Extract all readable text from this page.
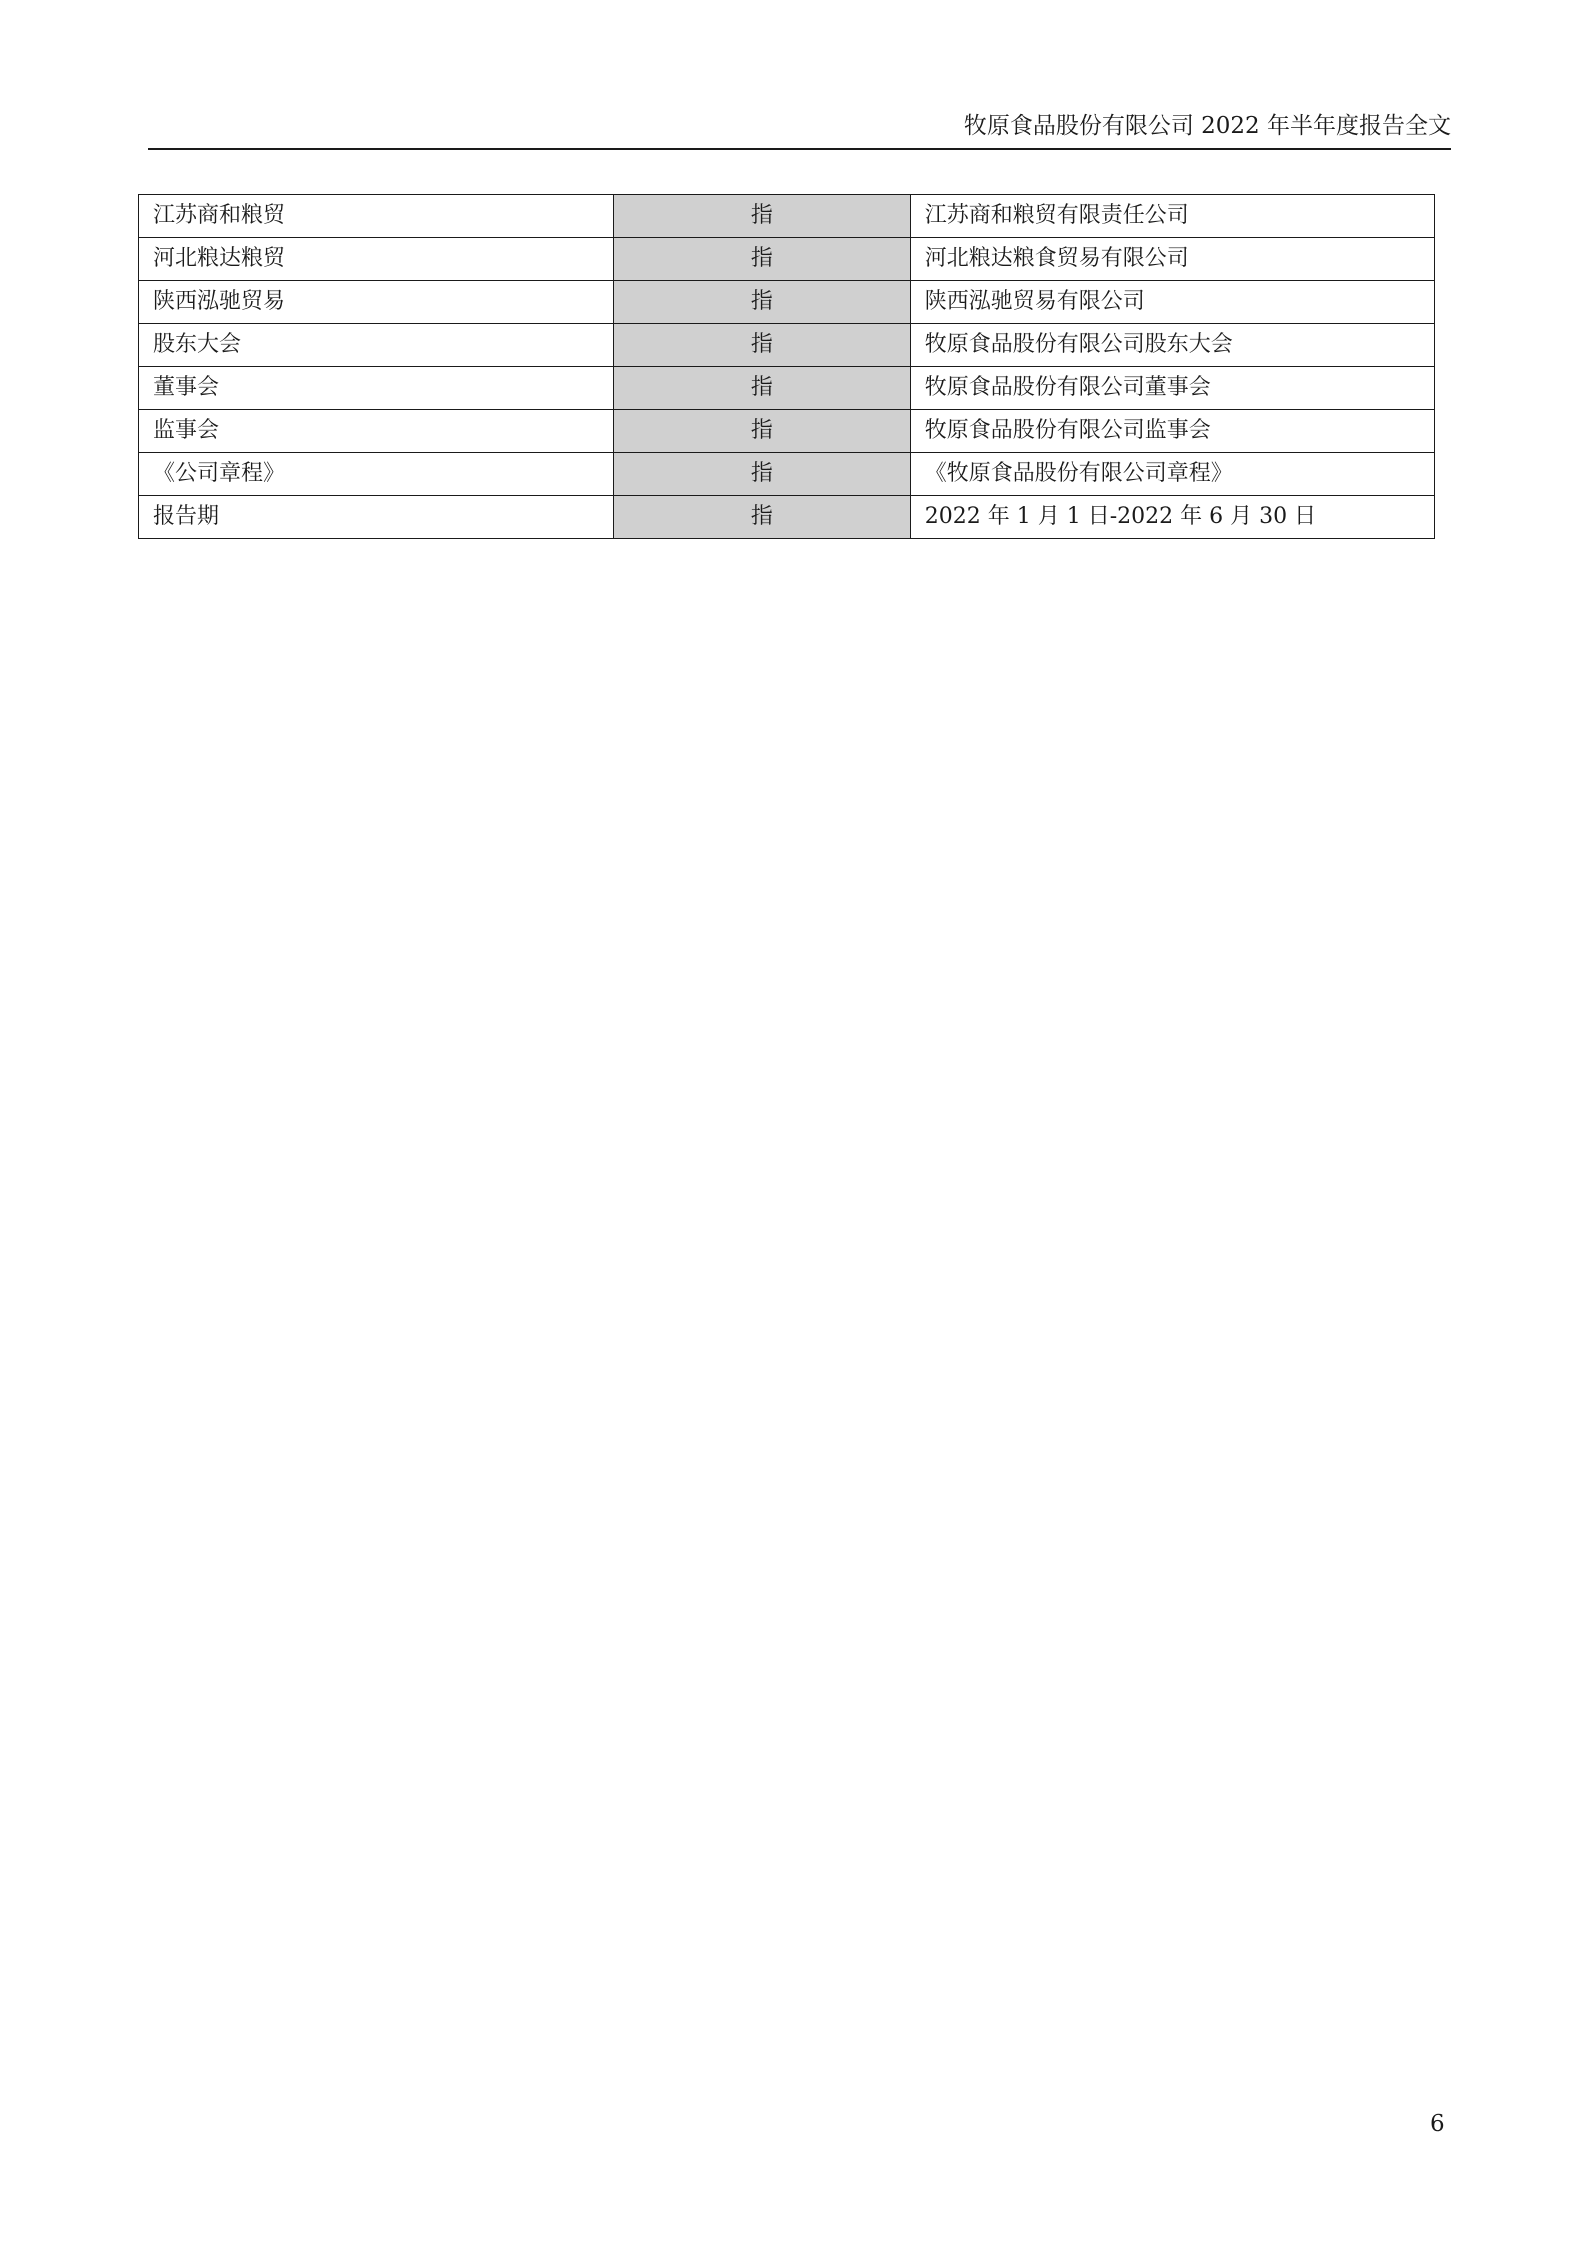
牧原食品股份有限公司 2022 年半年度报告全文
江苏商和粮贸	指	江苏商和粮贸有限责任公司
河北粮达粮贸	指	河北粮达粮食贸易有限公司
陕西泓驰贸易	指	陕西泓驰贸易有限公司
股东大会	指	牧原食品股份有限公司股东大会
董事会	指	牧原食品股份有限公司董事会
监事会	指	牧原食品股份有限公司监事会
《公司章程》	指	《牧原食品股份有限公司章程》
报告期	指	2022 年 1 月 1 日-2022 年 6 月 30 日
6
